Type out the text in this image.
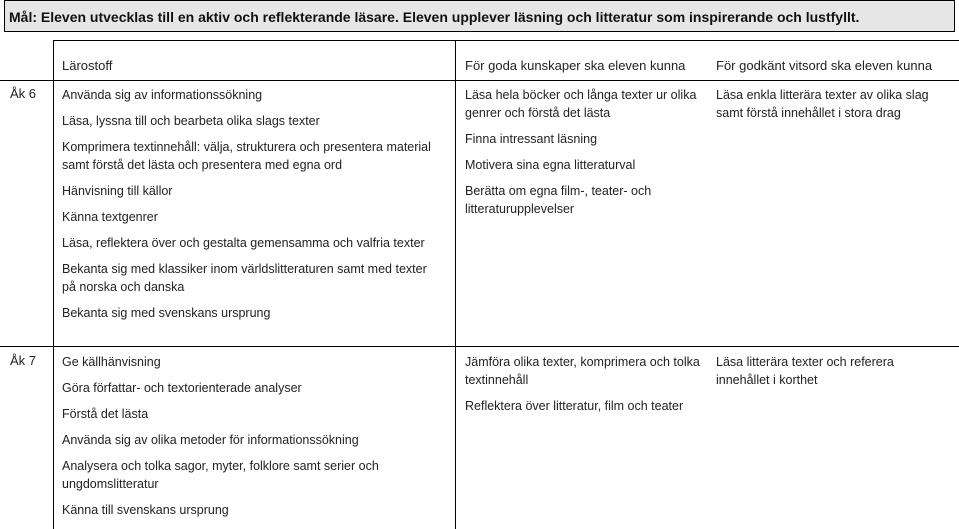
Mål: Eleven utvecklas till en aktiv och reflekterande läsare. Eleven upplever läsning och litteratur som inspirerande och lustfyllt.
Lärostoff	För goda kunskaper ska eleven kunna För godkänt vitsord ska eleven kunna
Åk 6 Använda sig av informationssökning
Läsa, lyssna till och bearbeta olika slags texter
Komprimera textinnehåll: välja, strukturera och presentera material samt förstå det lästa och presentera med egna ord
Hänvisning till källor
Känna textgenrer
Läsa, reflektera över och gestalta gemensamma och valfria texter
Bekanta sig med klassiker inom världslitteraturen samt med texter på norska och danska
Bekanta sig med svenskans ursprung
Läsa hela böcker och långa texter ur olika genrer och förstå det lästa
Finna intressant läsning
Motivera sina egna litteraturval
Berätta om egna film-, teater- och litteraturupplevelser
Läsa enkla litterära texter av olika slag samt förstå innehållet i stora drag
Åk 7 Ge källhänvisning
Göra författar- och textorienterade analyser
Förstå det lästa
Använda sig av olika metoder för informationssökning
Analysera och tolka sagor, myter, folklore samt serier och ungdomslitteratur
Känna till svenskans ursprung
Jämföra olika texter, komprimera och tolka textinnehåll
Reflektera över litteratur, film och teater
Läsa litterära texter och referera innehållet i korthet
